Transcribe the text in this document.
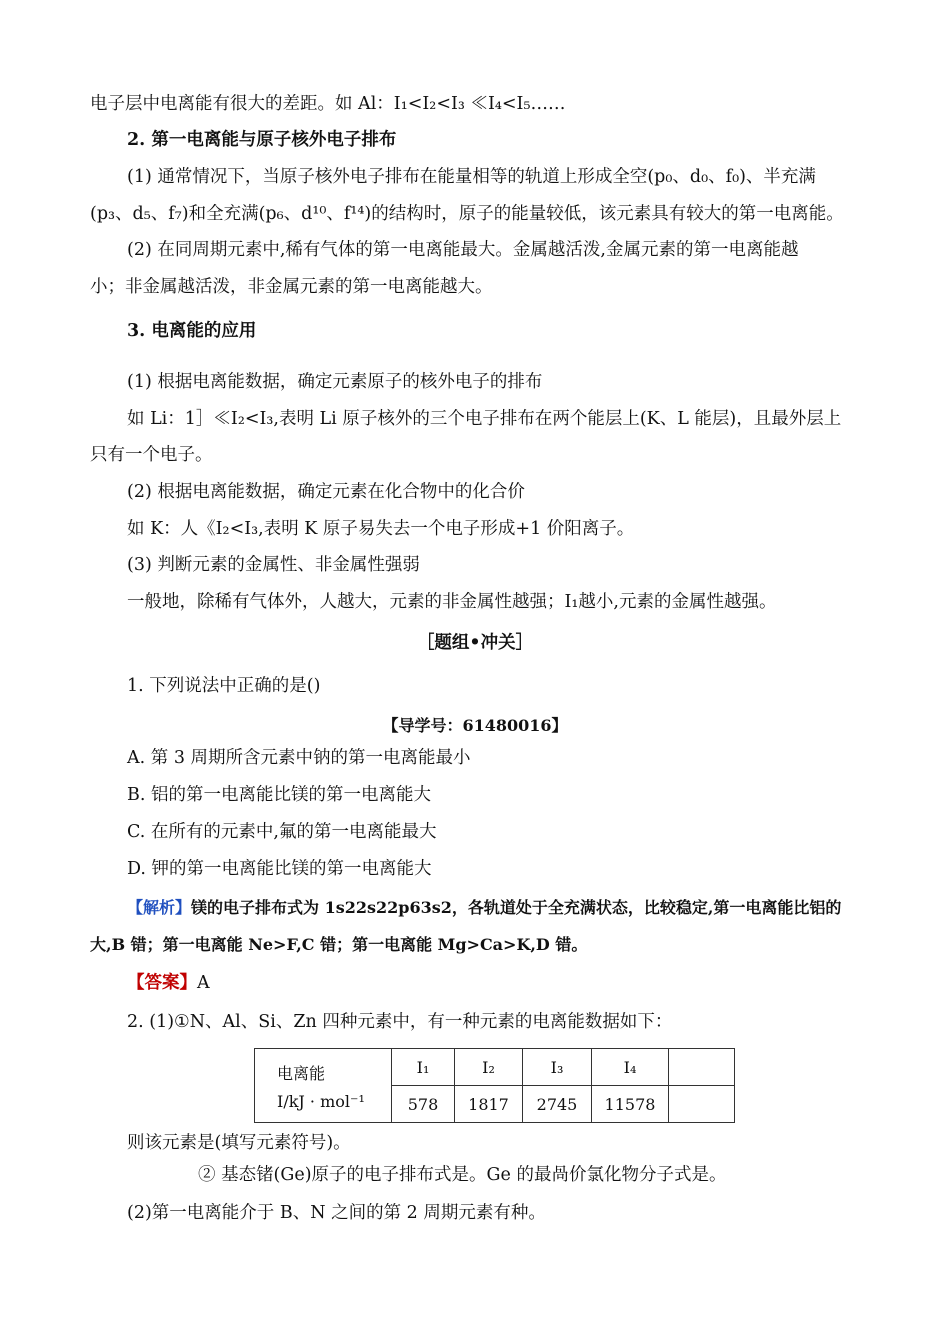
电子层中电离能有很大的差距。如 Al：I₁<I₂<I₃ ≪I₄<I₅……
2. 第一电离能与原子核外电子排布
(1) 通常情况下，当原子核外电子排布在能量相等的轨道上形成全空(p₀、d₀、f₀)、半充满
(p₃、d₅、f₇)和全充满(p₆、d¹⁰、f¹⁴)的结构时，原子的能量较低，该元素具有较大的第一电离能。
(2) 在同周期元素中,稀有气体的第一电离能最大。金属越活泼,金属元素的第一电离能越
小；非金属越活泼，非金属元素的第一电离能越大。
3. 电离能的应用
(1) 根据电离能数据，确定元素原子的核外电子的排布
如 Li：1］≪I₂<I₃,表明 Li 原子核外的三个电子排布在两个能层上(K、L 能层)，且最外层上
只有一个电子。
(2) 根据电离能数据，确定元素在化合物中的化合价
如 K：人《I₂<I₃,表明 K 原子易失去一个电子形成+1 价阳离子。
(3) 判断元素的金属性、非金属性强弱
一般地，除稀有气体外，人越大，元素的非金属性越强；I₁越小,元素的金属性越强。
［题组•冲关］
1. 下列说法中正确的是()
【导学号：61480016】
A. 第 3 周期所含元素中钠的第一电离能最小
B. 铝的第一电离能比镁的第一电离能大
C. 在所有的元素中,氟的第一电离能最大
D. 钾的第一电离能比镁的第一电离能大
【解析】镁的电子排布式为 1s22s22p63s2，各轨道处于全充满状态，比较稳定,第一电离能比铝的
大,B 错；第一电离能 Ne>F,C 错；第一电离能 Mg>Ca>K,D 错。
【答案】A
2. (1)①N、Al、Si、Zn 四种元素中，有一种元素的电离能数据如下：
电离能
I/kJ · mol⁻¹	I₁	I₂	I₃	I₄	
	578	1817	2745	11578	
则该元素是(填写元素符号)。
② 基态锗(Ge)原子的电子排布式是。Ge 的最咼价氯化物分子式是。
(2)第一电离能介于 B、N 之间的第 2 周期元素有种。
